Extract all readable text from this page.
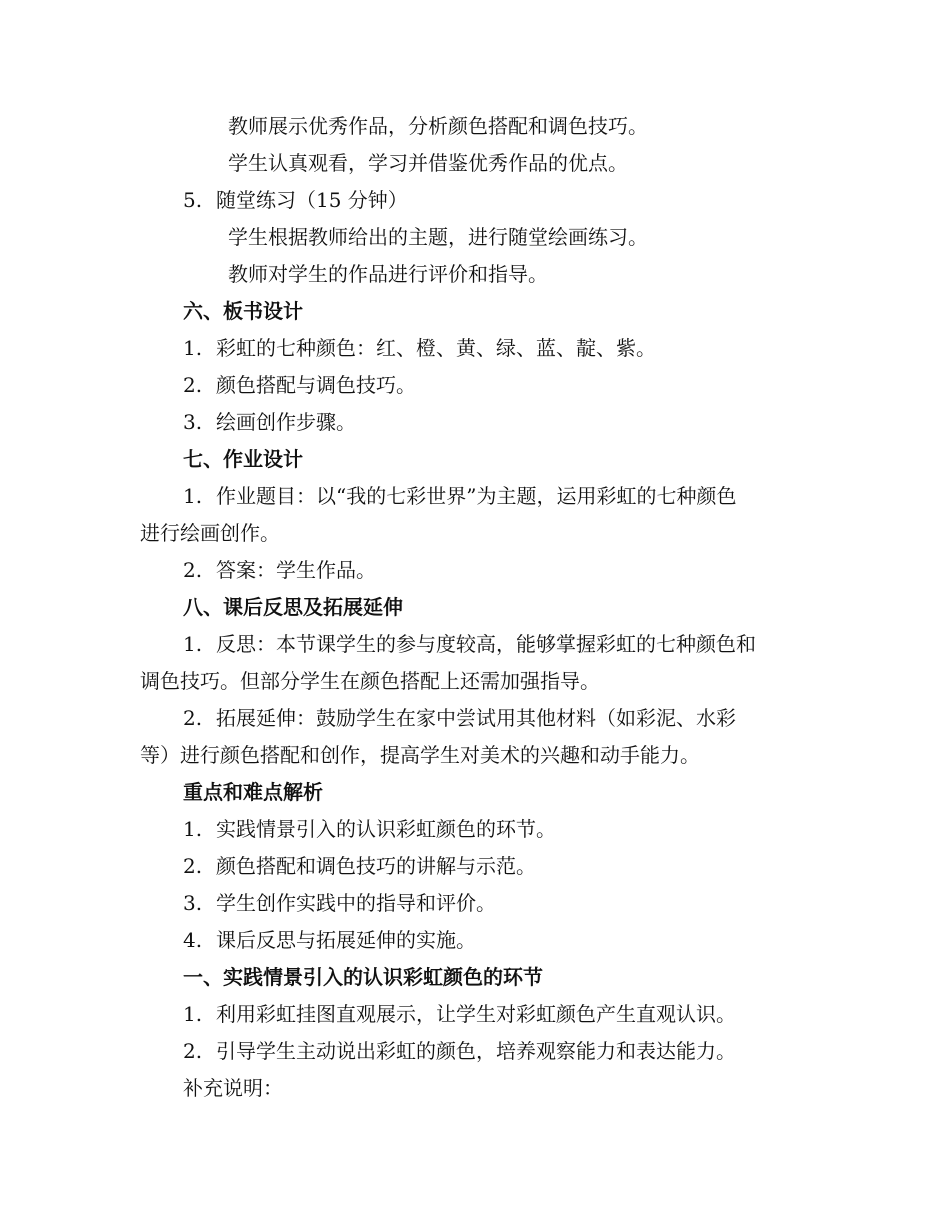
教师展示优秀作品，分析颜色搭配和调色技巧。
学生认真观看，学习并借鉴优秀作品的优点。
5. 随堂练习（15 分钟）
学生根据教师给出的主题，进行随堂绘画练习。
教师对学生的作品进行评价和指导。
六、板书设计
1. 彩虹的七种颜色：红、橙、黄、绿、蓝、靛、紫。
2. 颜色搭配与调色技巧。
3. 绘画创作步骤。
七、作业设计
1. 作业题目：以“我的七彩世界”为主题，运用彩虹的七种颜色
进行绘画创作。
2. 答案：学生作品。
八、课后反思及拓展延伸
1. 反思：本节课学生的参与度较高，能够掌握彩虹的七种颜色和
调色技巧。但部分学生在颜色搭配上还需加强指导。
2. 拓展延伸：鼓励学生在家中尝试用其他材料（如彩泥、水彩
等）进行颜色搭配和创作，提高学生对美术的兴趣和动手能力。
重点和难点解析
1. 实践情景引入的认识彩虹颜色的环节。
2. 颜色搭配和调色技巧的讲解与示范。
3. 学生创作实践中的指导和评价。
4. 课后反思与拓展延伸的实施。
一、实践情景引入的认识彩虹颜色的环节
1. 利用彩虹挂图直观展示，让学生对彩虹颜色产生直观认识。
2. 引导学生主动说出彩虹的颜色，培养观察能力和表达能力。
补充说明：
